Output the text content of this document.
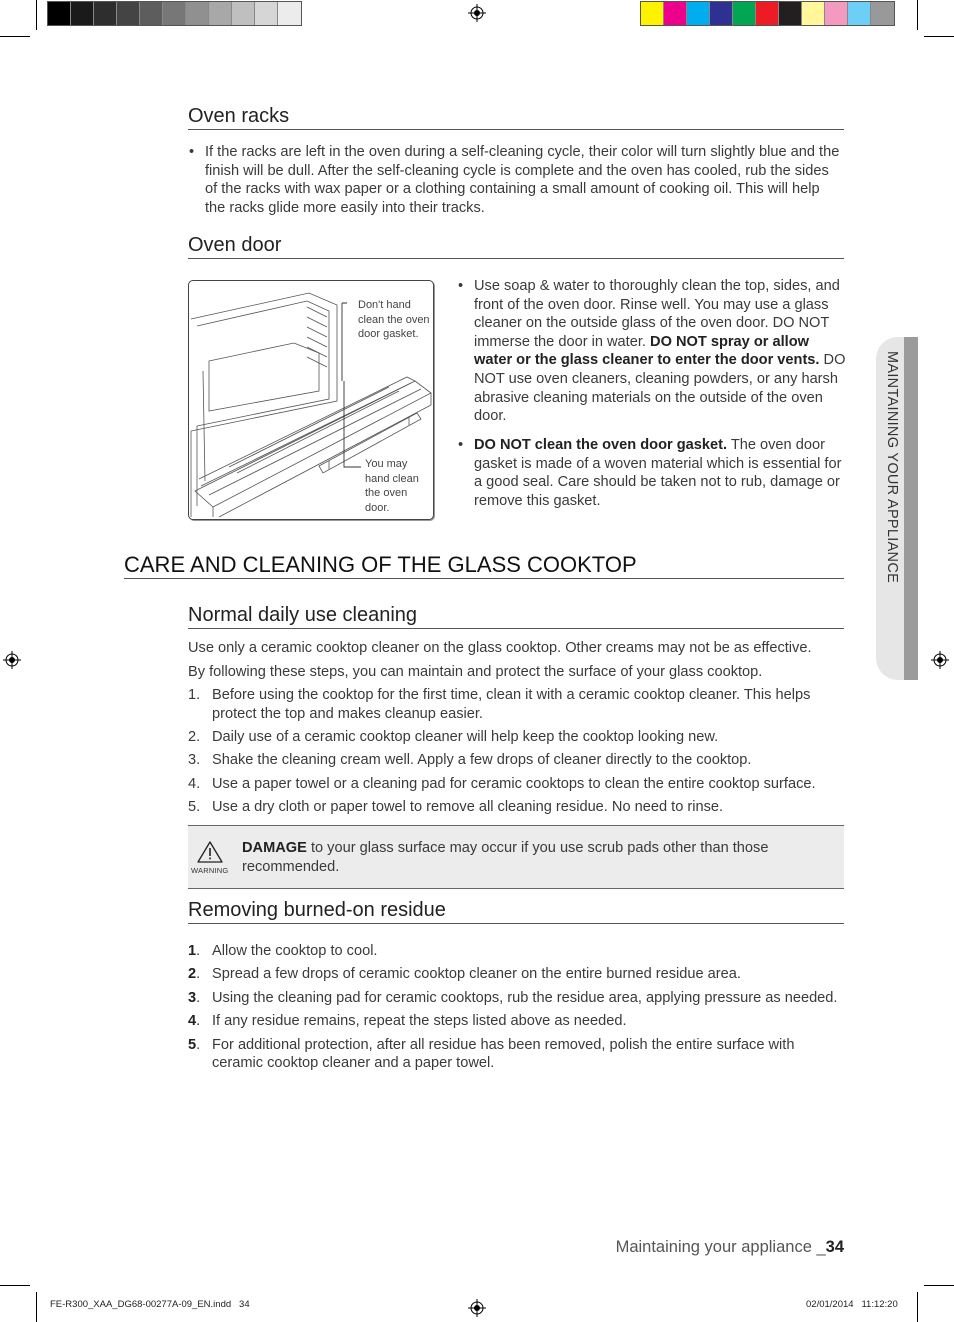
MAINTAINING YOUR APPLIANCE
Oven racks
• If the racks are left in the oven during a self-cleaning cycle, their color will turn slightly blue and the finish will be dull. After the self-cleaning cycle is complete and the oven has cooled, rub the sides of the racks with wax paper or a clothing containing a small amount of cooking oil. This will help the racks glide more easily into their tracks.
Oven door
Don't hand clean the oven door gasket.
You may hand clean the oven door.
• Use soap & water to thoroughly clean the top, sides, and front of the oven door. Rinse well. You may use a glass cleaner on the outside glass of the oven door. DO NOT immerse the door in water. DO NOT spray or allow water or the glass cleaner to enter the door vents. DO NOT use oven cleaners, cleaning powders, or any harsh abrasive cleaning materials on the outside of the oven door.
• DO NOT clean the oven door gasket. The oven door gasket is made of a woven material which is essential for a good seal. Care should be taken not to rub, damage or remove this gasket.
CARE AND CLEANING OF THE GLASS COOKTOP
Normal daily use cleaning
Use only a ceramic cooktop cleaner on the glass cooktop. Other creams may not be as effective.
By following these steps, you can maintain and protect the surface of your glass cooktop.
1. Before using the cooktop for the first time, clean it with a ceramic cooktop cleaner. This helps protect the top and makes cleanup easier.
2. Daily use of a ceramic cooktop cleaner will help keep the cooktop looking new.
3. Shake the cleaning cream well. Apply a few drops of cleaner directly to the cooktop.
4. Use a paper towel or a cleaning pad for ceramic cooktops to clean the entire cooktop surface.
5. Use a dry cloth or paper towel to remove all cleaning residue. No need to rinse.
WARNING
DAMAGE to your glass surface may occur if you use scrub pads other than those recommended.
Removing burned-on residue
1. Allow the cooktop to cool.
2. Spread a few drops of ceramic cooktop cleaner on the entire burned residue area.
3. Using the cleaning pad for ceramic cooktops, rub the residue area, applying pressure as needed.
4. If any residue remains, repeat the steps listed above as needed.
5. For additional protection, after all residue has been removed, polish the entire surface with ceramic cooktop cleaner and a paper towel.
Maintaining your appliance _34
FE-R300_XAA_DG68-00277A-09_EN.indd   34	02/01/2014   11:12:20
